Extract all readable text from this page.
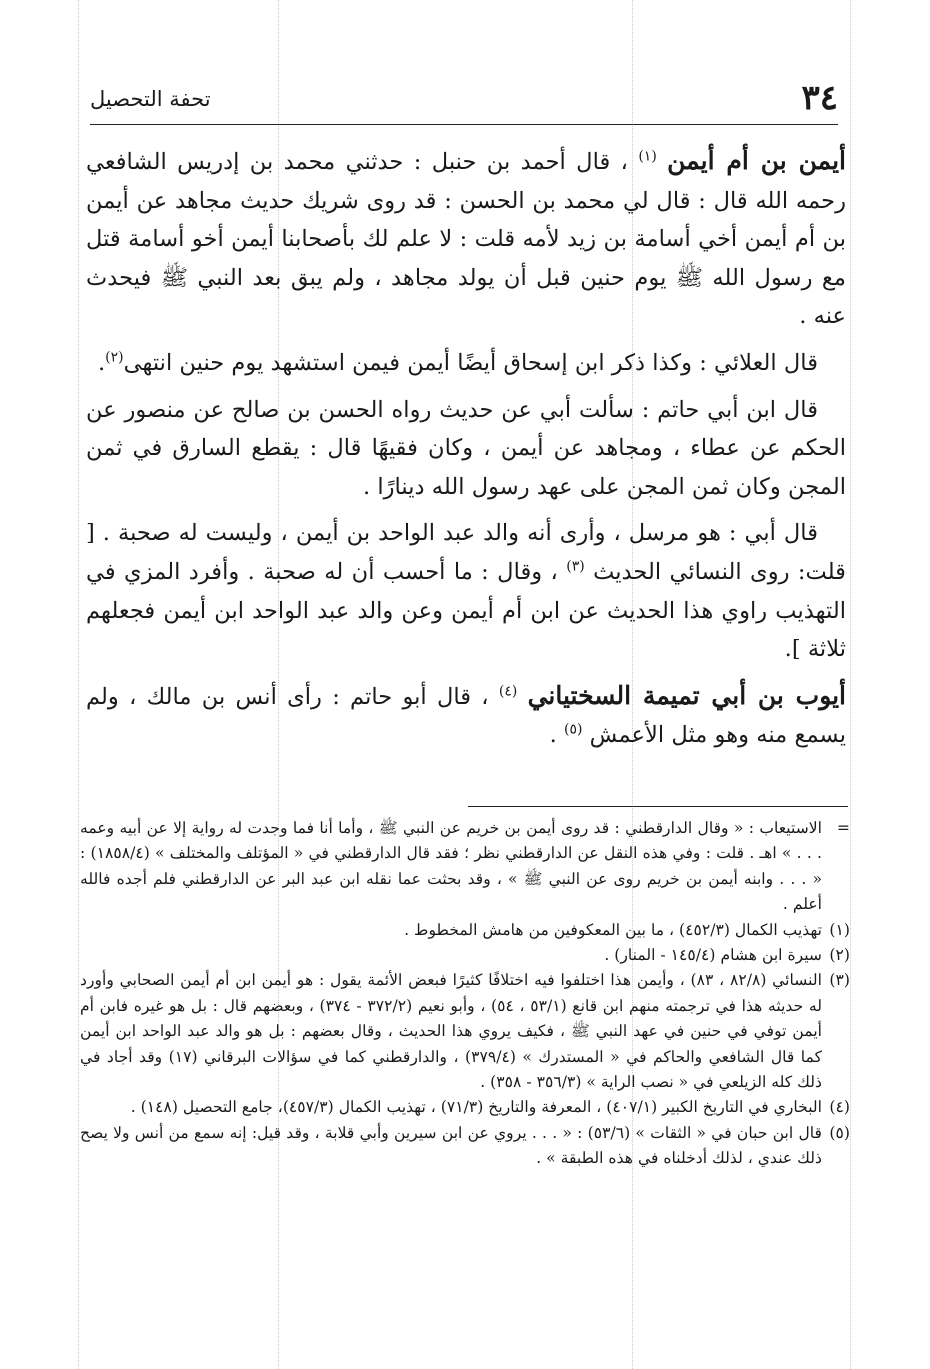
٣٤
تحفة التحصيل

أيمن بن أم أيمن $^{(١)}$ ، قال أحمد بن حنبل : حدثني محمد بن إدريس الشافعي رحمه الله قال : قال لي محمد بن الحسن : قد روى شريك حديث مجاهد عن أيمن بن أم أيمن أخي أسامة بن زيد لأمه قلت : لا علم لك بأصحابنا أيمن أخو أسامة قتل مع رسول الله ﷺ يوم حنين قبل أن يولد مجاهد ، ولم يبق بعد النبي ﷺ فيحدث عنه .

قال العلائي : وكذا ذكر ابن إسحاق أيضًا أيمن فيمن استشهد يوم حنين انتهى$^{(٢)}$.

قال ابن أبي حاتم : سألت أبي عن حديث رواه الحسن بن صالح عن منصور عن الحكم عن عطاء ، ومجاهد عن أيمن ، وكان فقيهًا قال : يقطع السارق في ثمن المجن وكان ثمن المجن على عهد رسول الله دينارًا .

قال أبي : هو مرسل ، وأرى أنه والد عبد الواحد بن أيمن ، وليست له صحبة . [ قلت: روى النسائي الحديث $^{(٣)}$ ، وقال : ما أحسب أن له صحبة . وأفرد المزي في التهذيب راوي هذا الحديث عن ابن أم أيمن وعن والد عبد الواحد ابن أيمن فجعلهم ثلاثة ].

أيوب بن أبي تميمة السختياني $^{(٤)}$ ، قال أبو حاتم : رأى أنس بن مالك ، ولم يسمع منه وهو مثل الأعمش $^{(٥)}$ .

=
الاستيعاب : « وقال الدارقطني : قد روى أيمن بن خريم عن النبي ﷺ ، وأما أنا فما وجدت له رواية إلا عن أبيه وعمه . . . » اهـ . قلت : وفي هذه النقل عن الدارقطني نظر ؛ فقد قال الدارقطني في « المؤتلف والمختلف » (١٨٥٨/٤) : « . . . وابنه أيمن بن خريم روى عن النبي ﷺ » ، وقد بحثت عما نقله ابن عبد البر عن الدارقطني فلم أجده فالله أعلم .

(١)
تهذيب الكمال (٤٥٢/٣) ، ما بين المعكوفين من هامش المخطوط .

(٢)
سيرة ابن هشام (١٤٥/٤ - المنار) .

(٣)
النسائي (٨٢/٨ ، ٨٣) ، وأيمن هذا اختلفوا فيه اختلافًا كثيرًا فبعض الأئمة يقول : هو أيمن ابن أم أيمن الصحابي وأورد له حديثه هذا في ترجمته منهم ابن قانع (٥٣/١ ، ٥٤) ، وأبو نعيم (٣٧٢/٢ - ٣٧٤) ، وبعضهم قال : بل هو غيره فابن أم أيمن توفي في حنين في عهد النبي ﷺ ، فكيف يروي هذا الحديث ، وقال بعضهم : بل هو والد عبد الواحد ابن أيمن كما قال الشافعي والحاكم في « المستدرك » (٣٧٩/٤) ، والدارقطني كما في سؤالات البرقاني (١٧) وقد أجاد في ذلك كله الزيلعي في « نصب الراية » (٣٥٦/٣ - ٣٥٨) .

(٤)
البخاري في التاريخ الكبير (٤٠٧/١) ، المعرفة والتاريخ (٧١/٣) ، تهذيب الكمال (٤٥٧/٣)، جامع التحصيل (١٤٨) .

(٥)
قال ابن حبان في « الثقات » (٥٣/٦) : « . . . يروي عن ابن سيرين وأبي قلابة ، وقد قيل: إنه سمع من أنس ولا يصح ذلك عندي ، لذلك أدخلناه في هذه الطبقة » .
